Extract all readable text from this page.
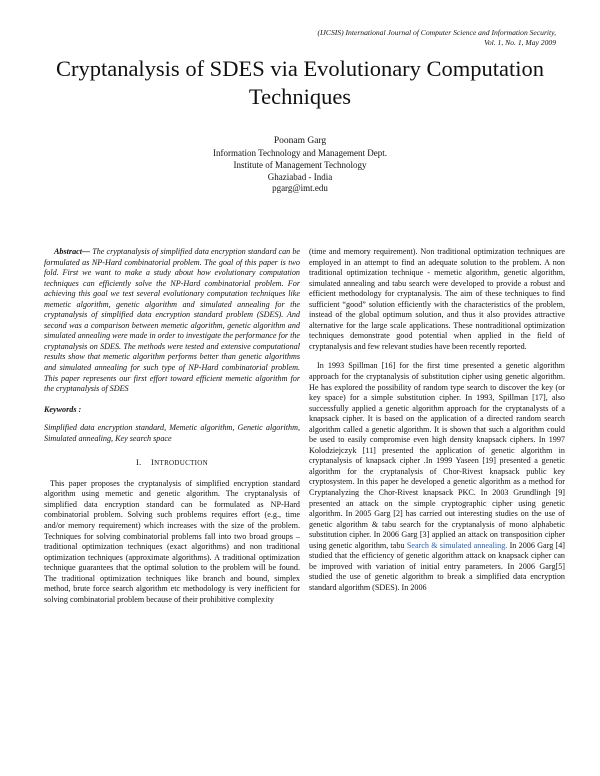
(IJCSIS) International Journal of Computer Science and Information Security,
Vol. 1, No. 1, May 2009
Cryptanalysis of SDES via Evolutionary Computation Techniques
Poonam Garg
Information Technology and Management Dept.
Institute of Management Technology
Ghaziabad - India
pgarg@imt.edu

Abstract— The cryptanalysis of simplified data encryption standard can be formulated as NP-Hard combinatorial problem. The goal of this paper is two fold. First we want to make a study about how evolutionary computation techniques can efficiently solve the NP-Hard combinatorial problem. For achieving this goal we test several evolutionary computation techniques like memetic algorithm, genetic algorithm and simulated annealing for the cryptanalysis of simplified data encryption standard problem (SDES). And second was a comparison between memetic algorithm, genetic algorithm and simulated annealing were made in order to investigate the performance for the cryptanalysis on SDES. The methods were tested and extensive computational results show that memetic algorithm performs better than genetic algorithms and simulated annealing for such type of NP-Hard combinatorial problem. This paper represents our first effort toward efficient memetic algorithm for the cryptanalysis of SDES

Keywords :

Simplified data encryption standard, Memetic algorithm, Genetic algorithm, Simulated annealing, Key search space

I. INTRODUCTION

This paper proposes the cryptanalysis of simplified encryption standard algorithm using memetic and genetic algorithm. The cryptanalysis of simplified data encryption standard can be formulated as NP-Hard combinatorial problem. Solving such problems requires effort (e.g., time and/or memory requirement) which increases with the size of the problem. Techniques for solving combinatorial problems fall into two broad groups – traditional optimization techniques (exact algorithms) and non traditional optimization techniques (approximate algorithms). A traditional optimization technique guarantees that the optimal solution to the problem will be found. The traditional optimization techniques like branch and bound, simplex method, brute force search algorithm etc methodology is very inefficient for solving combinatorial problem because of their prohibitive complexity

(time and memory requirement). Non traditional optimization techniques are employed in an attempt to find an adequate solution to the problem. A non traditional optimization technique - memetic algorithm, genetic algorithm, simulated annealing and tabu search were developed to provide a robust and efficient methodology for cryptanalysis. The aim of these techniques to find sufficient “good” solution efficiently with the characteristics of the problem, instead of the global optimum solution, and thus it also provides attractive alternative for the large scale applications. These nontraditional optimization techniques demonstrate good potential when applied in the field of cryptanalysis and few relevant studies have been recently reported.

In 1993 Spillman [16] for the first time presented a genetic algorithm approach for the cryptanalysis of substitution cipher using genetic algorithm. He has explored the possibility of random type search to discover the key (or key space) for a simple substitution cipher. In 1993, Spillman [17], also successfully applied a genetic algorithm approach for the cryptanalysts of a knapsack cipher. It is based on the application of a directed random search algorithm called a genetic algorithm. It is shown that such a algorithm could be used to easily compromise even high density knapsack ciphers. In 1997 Kolodziejczyk [11] presented the application of genetic algorithm in cryptanalysis of knapsack cipher .In 1999 Yaseen [19] presented a genetic algorithm for the cryptanalysis of Chor-Rivest knapsack public key cryptosystem. In this paper he developed a genetic algorithm as a method for Cryptanalyzing the Chor-Rivest knapsack PKC. In 2003 Grundlingh [9] presented an attack on the simple cryptographic cipher using genetic algorithm. In 2005 Garg [2] has carried out interesting studies on the use of genetic algorithm & tabu search for the cryptanalysis of mono alphabetic substitution cipher. In 2006 Garg [3] applied an attack on transposition cipher using genetic algorithm, tabu Search & simulated annealing. In 2006 Garg [4] studied that the efficiency of genetic algorithm attack on knapsack cipher can be improved with variation of initial entry parameters. In 2006 Garg[5] studied the use of genetic algorithm to break a simplified data encryption standard algorithm (SDES). In 2006
